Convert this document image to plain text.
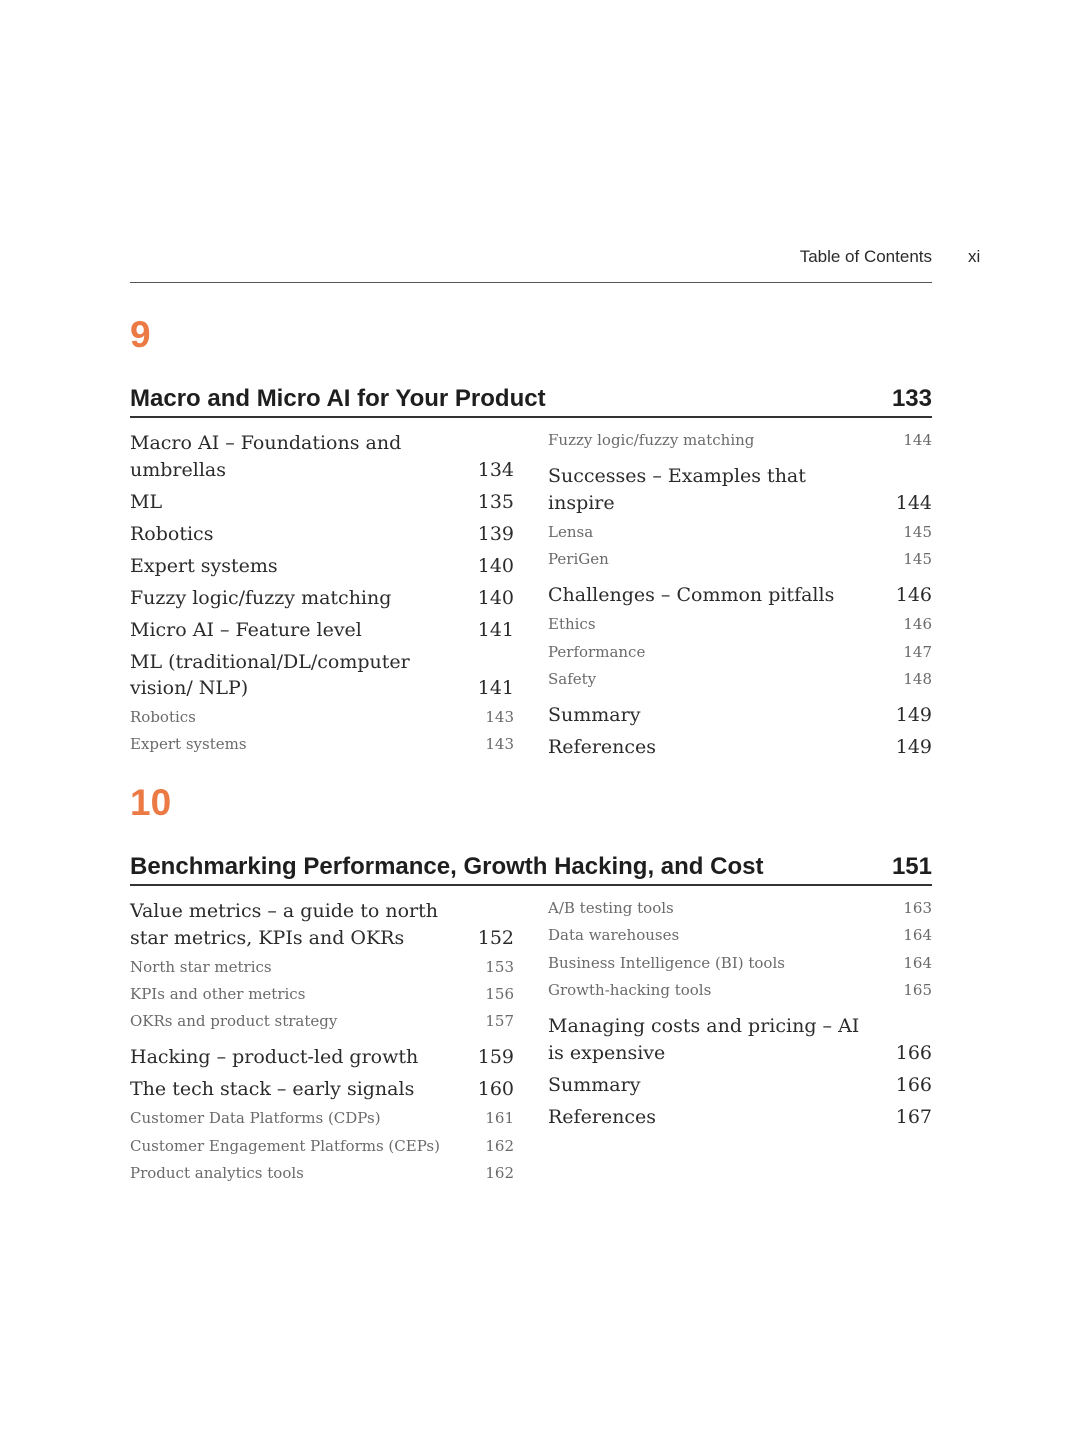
Table of Contents xi
9
Macro and Micro AI for Your Product	133
Macro AI – Foundations and umbrellas	134
ML	135
Robotics	139
Expert systems	140
Fuzzy logic/fuzzy matching	140
Micro AI – Feature level	141
ML (traditional/DL/computer vision/ NLP)	141
Robotics	143
Expert systems	143
Fuzzy logic/fuzzy matching	144
Successes – Examples that inspire	144
Lensa	145
PeriGen	145
Challenges – Common pitfalls	146
Ethics	146
Performance	147
Safety	148
Summary	149
References	149
10
Benchmarking Performance, Growth Hacking, and Cost	151
Value metrics – a guide to north star metrics, KPIs and OKRs	152
North star metrics	153
KPIs and other metrics	156
OKRs and product strategy	157
Hacking – product-led growth	159
The tech stack – early signals	160
Customer Data Platforms (CDPs)	161
Customer Engagement Platforms (CEPs)	162
Product analytics tools	162
A/B testing tools	163
Data warehouses	164
Business Intelligence (BI) tools	164
Growth-hacking tools	165
Managing costs and pricing – AI is expensive	166
Summary	166
References	167
